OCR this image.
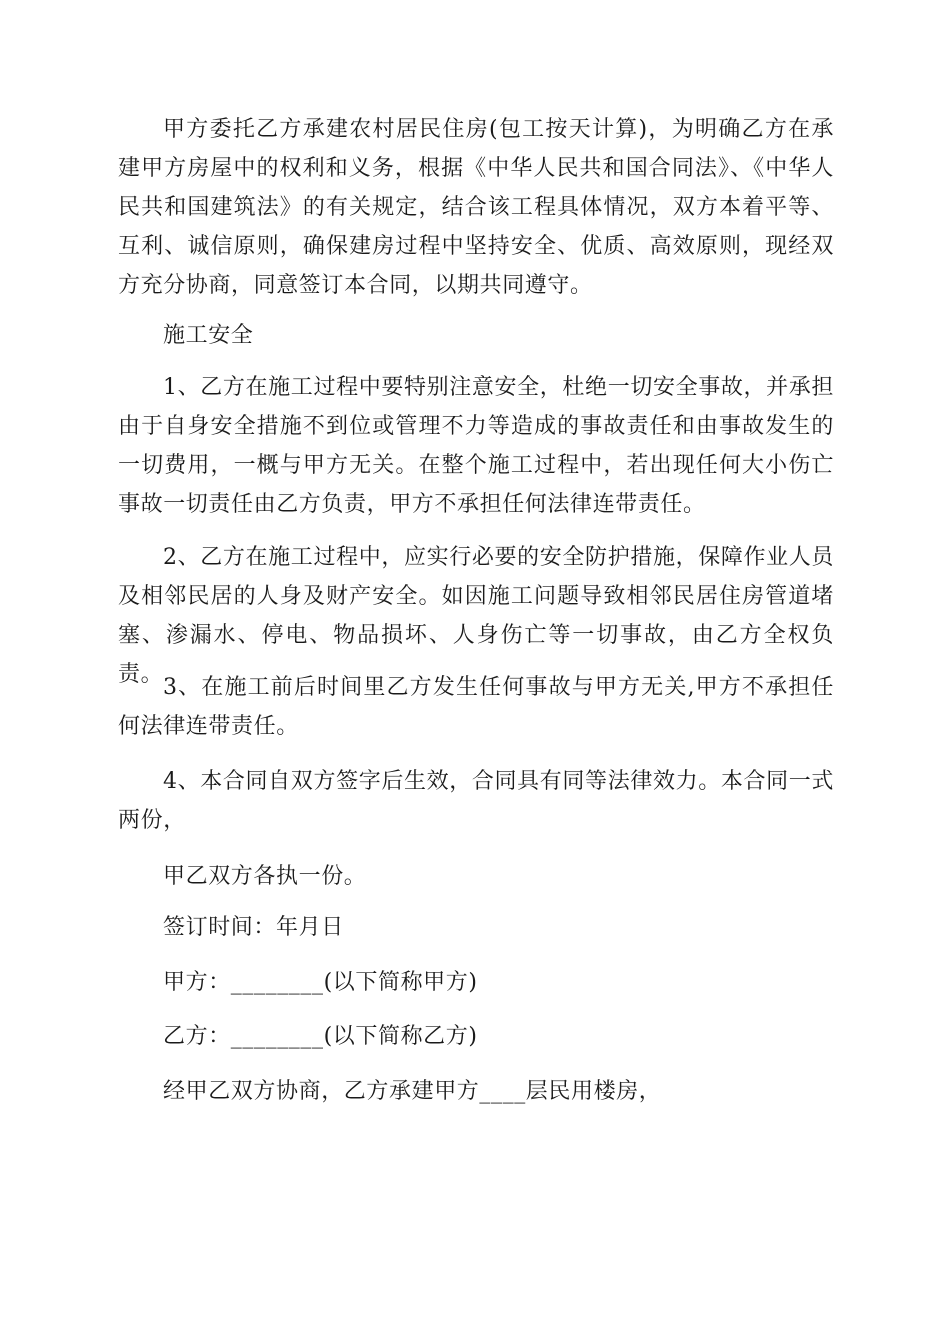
甲方委托乙方承建农村居民住房(包工按天计算)，为明确乙方在承建甲方房屋中的权利和义务，根据《中华人民共和国合同法》、《中华人民共和国建筑法》的有关规定，结合该工程具体情况，双方本着平等、互利、诚信原则，确保建房过程中坚持安全、优质、高效原则，现经双方充分协商，同意签订本合同，以期共同遵守。

施工安全

1、乙方在施工过程中要特别注意安全，杜绝一切安全事故，并承担由于自身安全措施不到位或管理不力等造成的事故责任和由事故发生的一切费用，一概与甲方无关。在整个施工过程中，若出现任何大小伤亡事故一切责任由乙方负责，甲方不承担任何法律连带责任。

2、乙方在施工过程中，应实行必要的安全防护措施，保障作业人员及相邻民居的人身及财产安全。如因施工问题导致相邻民居住房管道堵塞、渗漏水、停电、物品损坏、人身伤亡等一切事故，由乙方全权负责。

3、在施工前后时间里乙方发生任何事故与甲方无关,甲方不承担任何法律连带责任。

4、本合同自双方签字后生效，合同具有同等法律效力。本合同一式两份，

甲乙双方各执一份。

签订时间：年月日

甲方：________(以下简称甲方)

乙方：________(以下简称乙方)

经甲乙双方协商，乙方承建甲方____层民用楼房，
